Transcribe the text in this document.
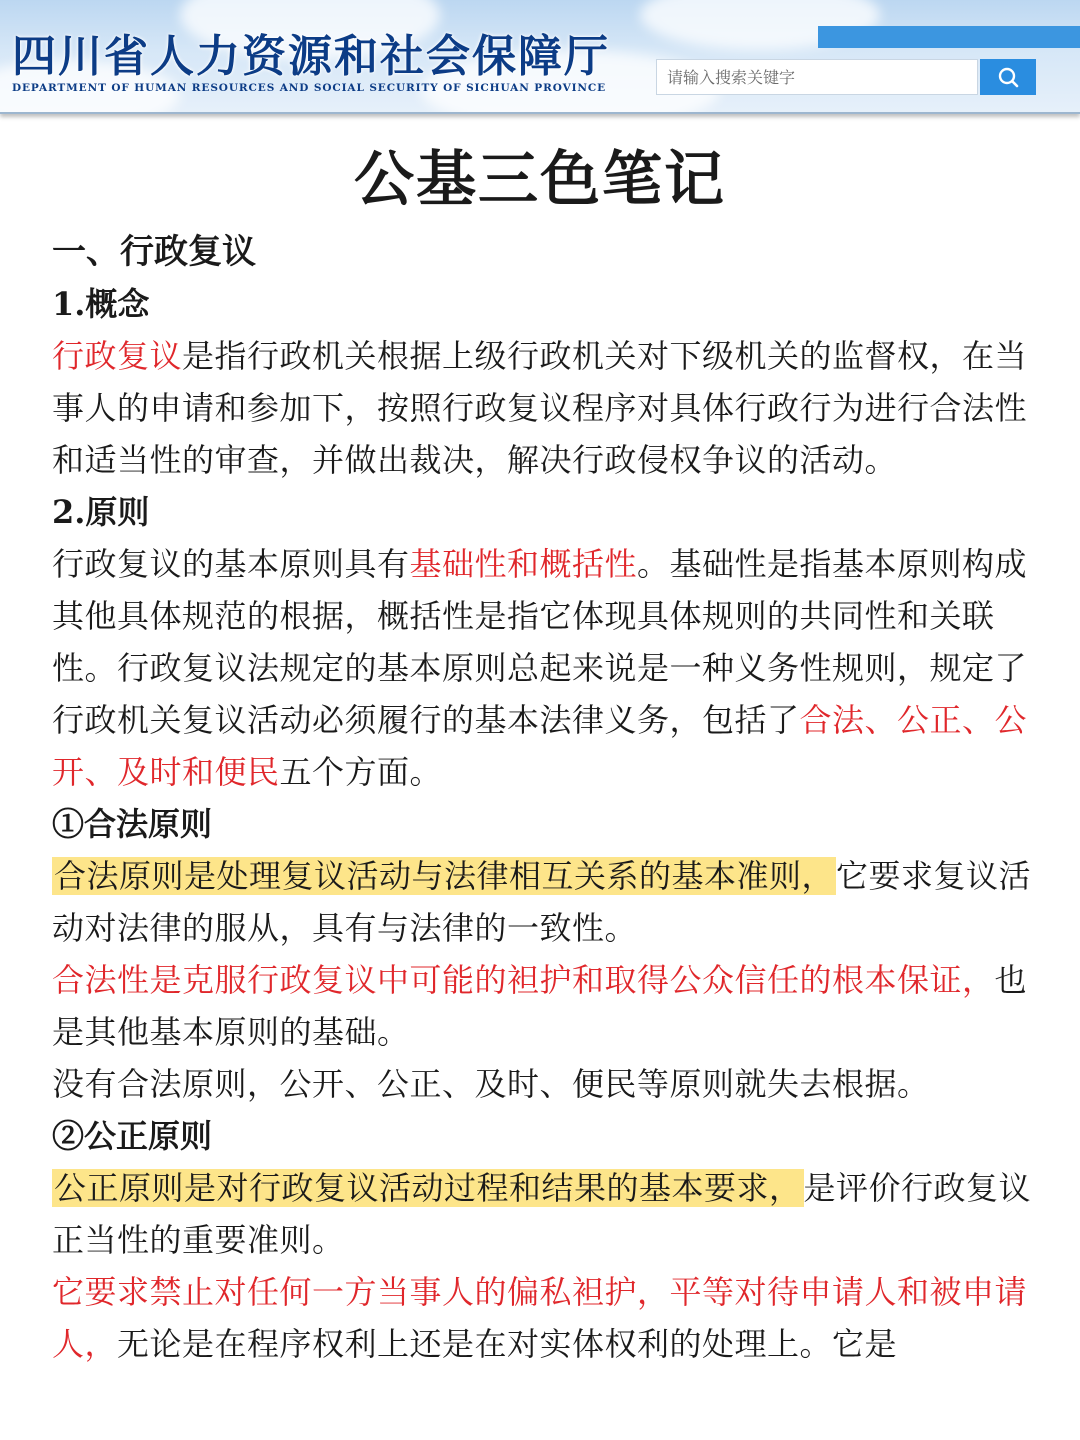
四川省人力资源和社会保障厅
DEPARTMENT OF HUMAN RESOURCES AND SOCIAL SECURITY OF SICHUAN PROVINCE
请输入搜索关键字
公基三色笔记
一、行政复议
1.概念

行政复议是指行政机关根据上级行政机关对下级机关的监督权，在当事人的申请和参加下，按照行政复议程序对具体行政行为进行合法性和适当性的审查，并做出裁决，解决行政侵权争议的活动。

2.原则

行政复议的基本原则具有基础性和概括性。基础性是指基本原则构成其他具体规范的根据，概括性是指它体现具体规则的共同性和关联性。行政复议法规定的基本原则总起来说是一种义务性规则，规定了行政机关复议活动必须履行的基本法律义务，包括了合法、公正、公开、及时和便民五个方面。

①合法原则

合法原则是处理复议活动与法律相互关系的基本准则，它要求复议活动对法律的服从，具有与法律的一致性。

合法性是克服行政复议中可能的袒护和取得公众信任的根本保证，也是其他基本原则的基础。

没有合法原则，公开、公正、及时、便民等原则就失去根据。

②公正原则

公正原则是对行政复议活动过程和结果的基本要求，是评价行政复议正当性的重要准则。

它要求禁止对任何一方当事人的偏私袒护，平等对待申请人和被申请人，无论是在程序权利上还是在对实体权利的处理上。它是
